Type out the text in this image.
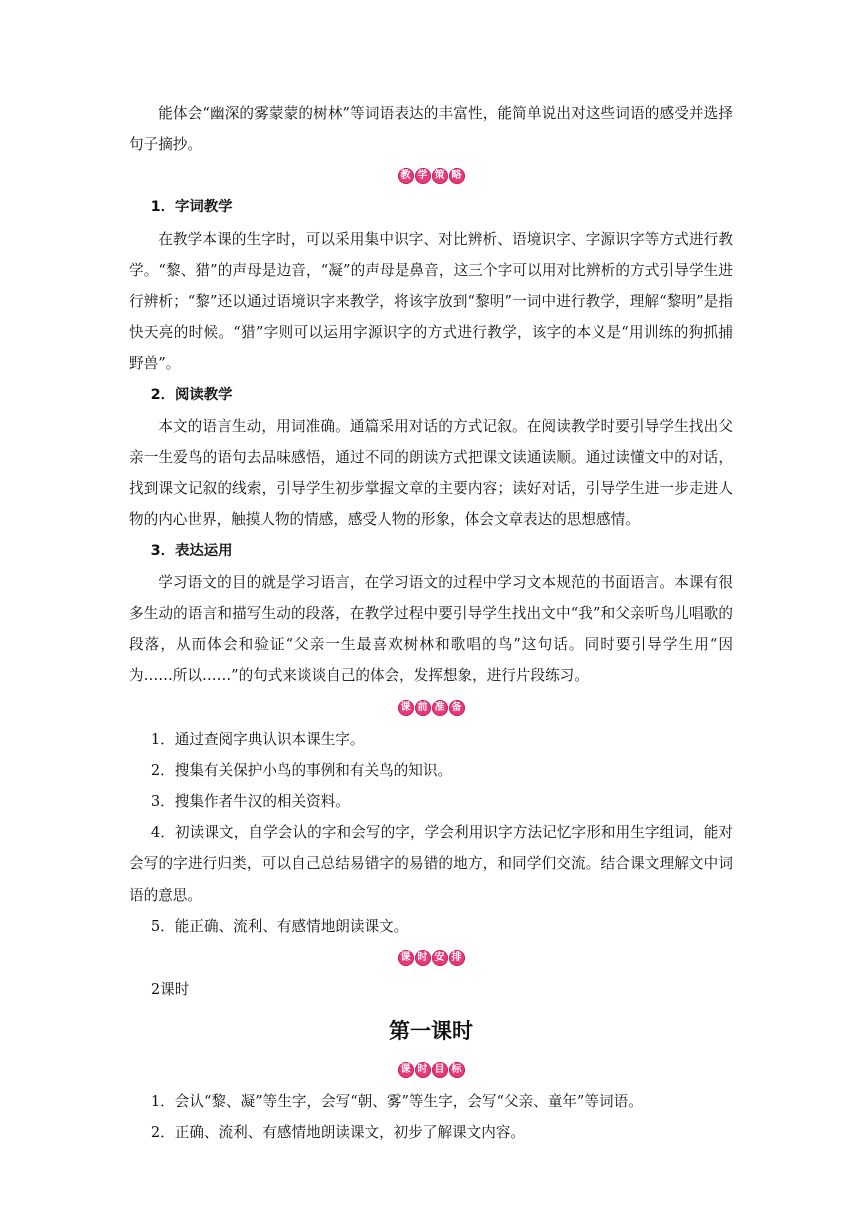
能体会“幽深的雾蒙蒙的树林”等词语表达的丰富性，能简单说出对这些词语的感受并选择句子摘抄。

教 学 策 略

1．字词教学

在教学本课的生字时，可以采用集中识字、对比辨析、语境识字、字源识字等方式进行教学。“黎、猎”的声母是边音，“凝”的声母是鼻音，这三个字可以用对比辨析的方式引导学生进行辨析；“黎”还以通过语境识字来教学，将该字放到“黎明”一词中进行教学，理解“黎明”是指快天亮的时候。“猎”字则可以运用字源识字的方式进行教学，该字的本义是“用训练的狗抓捕野兽”。

2．阅读教学

本文的语言生动，用词准确。通篇采用对话的方式记叙。在阅读教学时要引导学生找出父亲一生爱鸟的语句去品味感悟，通过不同的朗读方式把课文读通读顺。通过读懂文中的对话，找到课文记叙的线索，引导学生初步掌握文章的主要内容；读好对话，引导学生进一步走进人物的内心世界，触摸人物的情感，感受人物的形象，体会文章表达的思想感情。

3．表达运用

学习语文的目的就是学习语言，在学习语文的过程中学习文本规范的书面语言。本课有很多生动的语言和描写生动的段落，在教学过程中要引导学生找出文中“我”和父亲听鸟儿唱歌的段落，从而体会和验证“父亲一生最喜欢树林和歌唱的鸟”这句话。同时要引导学生用“因为……所以……”的句式来谈谈自己的体会，发挥想象，进行片段练习。

课 前 准 备

1．通过查阅字典认识本课生字。

2．搜集有关保护小鸟的事例和有关鸟的知识。

3．搜集作者牛汉的相关资料。

4．初读课文，自学会认的字和会写的字，学会利用识字方法记忆字形和用生字组词，能对会写的字进行归类，可以自己总结易错字的易错的地方，和同学们交流。结合课文理解文中词语的意思。

5．能正确、流利、有感情地朗读课文。

课 时 安 排

2课时

第一课时
课 时 目 标

1．会认“黎、凝”等生字，会写“朝、雾”等生字，会写“父亲、童年”等词语。

2．正确、流利、有感情地朗读课文，初步了解课文内容。
